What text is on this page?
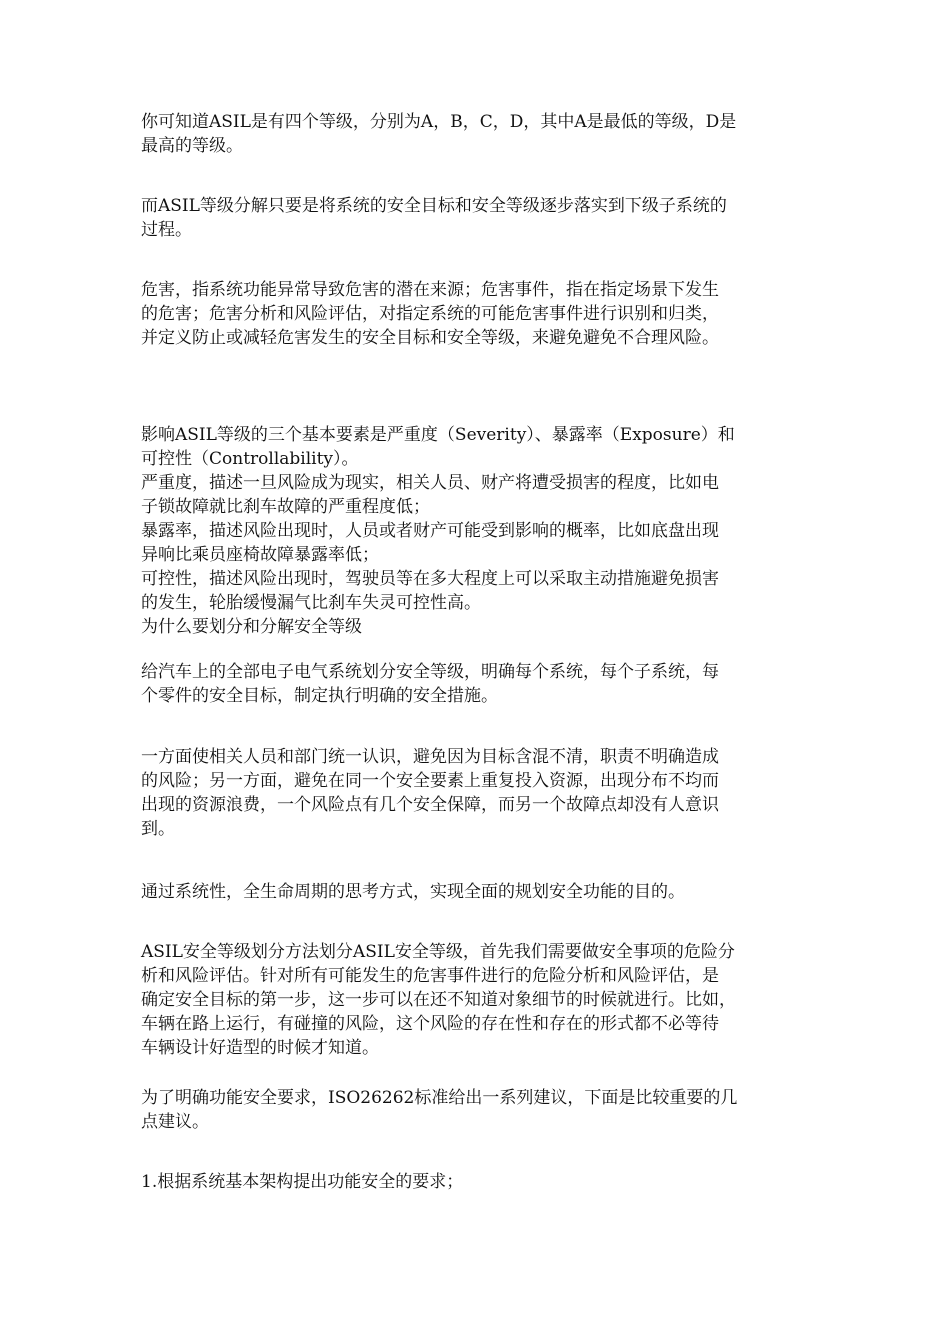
你可知道ASIL是有四个等级，分别为A，B，C，D，其中A是最低的等级，D是
最高的等级。

而ASIL等级分解只要是将系统的安全目标和安全等级逐步落实到下级子系统的
过程。

危害，指系统功能异常导致危害的潜在来源；危害事件，指在指定场景下发生
的危害；危害分析和风险评估，对指定系统的可能危害事件进行识别和归类，
并定义防止或减轻危害发生的安全目标和安全等级，来避免避免不合理风险。

影响ASIL等级的三个基本要素是严重度（Severity）、暴露率（Exposure）和
可控性（Controllability）。
严重度，描述一旦风险成为现实，相关人员、财产将遭受损害的程度，比如电
子锁故障就比刹车故障的严重程度低；
暴露率，描述风险出现时，人员或者财产可能受到影响的概率，比如底盘出现
异响比乘员座椅故障暴露率低；
可控性，描述风险出现时，驾驶员等在多大程度上可以采取主动措施避免损害
的发生，轮胎缓慢漏气比刹车失灵可控性高。
为什么要划分和分解安全等级

给汽车上的全部电子电气系统划分安全等级，明确每个系统，每个子系统，每
个零件的安全目标，制定执行明确的安全措施。

一方面使相关人员和部门统一认识，避免因为目标含混不清，职责不明确造成
的风险；另一方面，避免在同一个安全要素上重复投入资源，出现分布不均而
出现的资源浪费，一个风险点有几个安全保障，而另一个故障点却没有人意识
到。

通过系统性，全生命周期的思考方式，实现全面的规划安全功能的目的。

ASIL安全等级划分方法划分ASIL安全等级，首先我们需要做安全事项的危险分
析和风险评估。针对所有可能发生的危害事件进行的危险分析和风险评估，是
确定安全目标的第一步，这一步可以在还不知道对象细节的时候就进行。比如，
车辆在路上运行，有碰撞的风险，这个风险的存在性和存在的形式都不必等待
车辆设计好造型的时候才知道。

为了明确功能安全要求，ISO26262标准给出一系列建议，下面是比较重要的几
点建议。

1.根据系统基本架构提出功能安全的要求；
